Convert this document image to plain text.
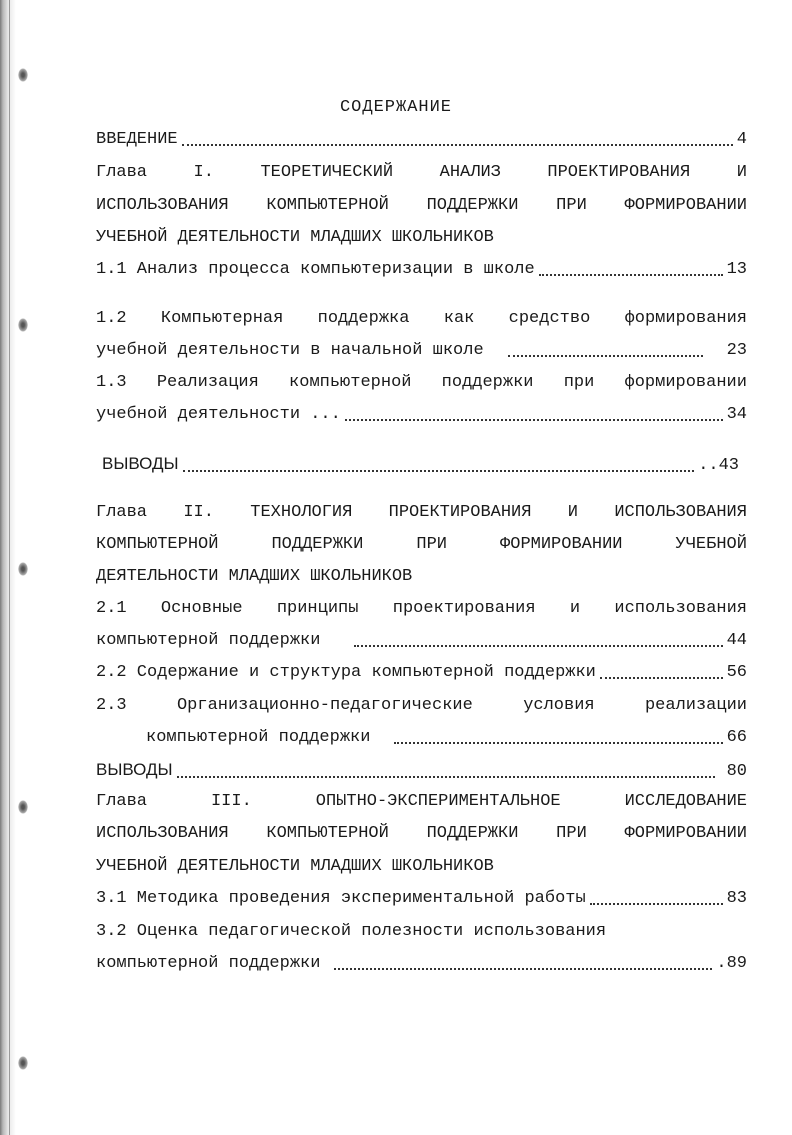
СОДЕРЖАНИЕ
ВВЕДЕНИЕ	4
Глава	I.	ТЕОРЕТИЧЕСКИЙ	АНАЛИЗ	ПРОЕКТИРОВАНИЯ	И
ИСПОЛЬЗОВАНИЯ КОМПЬЮТЕРНОЙ ПОДДЕРЖКИ ПРИ ФОРМИРОВАНИИ
УЧЕБНОЙ ДЕЯТЕЛЬНОСТИ МЛАДШИХ ШКОЛЬНИКОВ
1.1 Анализ процесса компьютеризации в школе	13
1.2 Компьютерная поддержка как средство формирования
учебной деятельности в начальной школе	23
1.3 Реализация компьютерной поддержки при формировании
учебной деятельности ...	34
ВЫВОДЫ	..43
Глава II. ТЕХНОЛОГИЯ ПРОЕКТИРОВАНИЯ И ИСПОЛЬЗОВАНИЯ
КОМПЬЮТЕРНОЙ	ПОДДЕРЖКИ	ПРИ	ФОРМИРОВАНИИ	УЧЕБНОЙ
ДЕЯТЕЛЬНОСТИ МЛАДШИХ ШКОЛЬНИКОВ
2.1 Основные принципы проектирования и использования
компьютерной поддержки	44
2.2 Содержание и структура компьютерной поддержки	56
2.3	Организационно-педагогические	условия	реализации
компьютерной поддержки	66
ВЫВОДЫ	80
Глава	III.	ОПЫТНО-ЭКСПЕРИМЕНТАЛЬНОЕ	ИССЛЕДОВАНИЕ
ИСПОЛЬЗОВАНИЯ КОМПЬЮТЕРНОЙ ПОДДЕРЖКИ ПРИ ФОРМИРОВАНИИ
УЧЕБНОЙ ДЕЯТЕЛЬНОСТИ МЛАДШИХ ШКОЛЬНИКОВ
3.1 Методика проведения экспериментальной работы	83
3.2 Оценка педагогической полезности использования
компьютерной поддержки	.89
